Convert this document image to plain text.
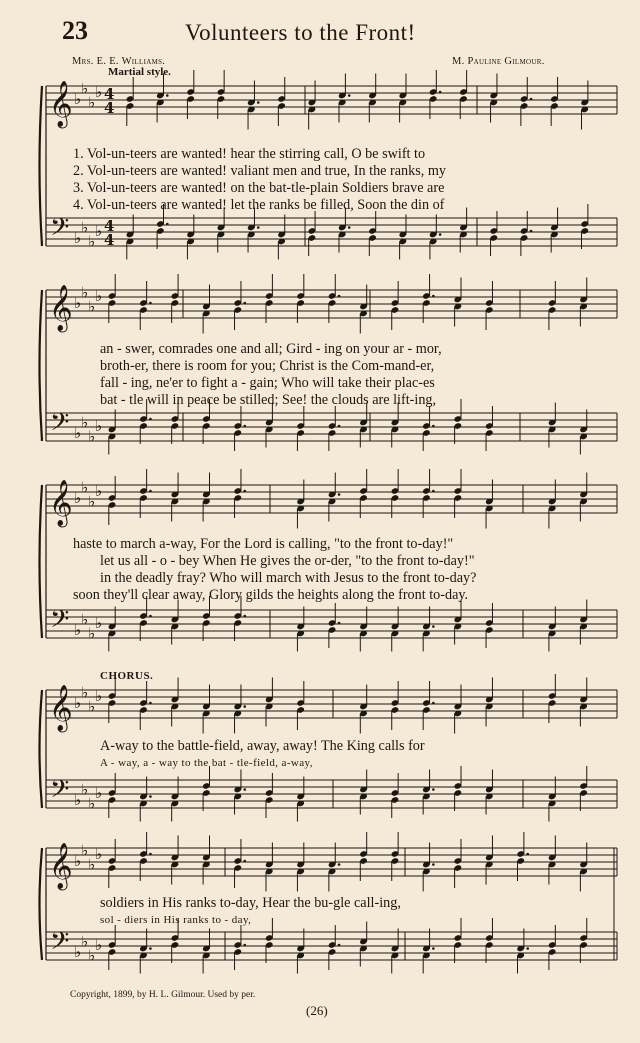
𝄞
𝄢
♭
♭
♭
♭
♭
♭
♭
♭
4
4
4
4
𝄞
𝄢
♭
♭
♭
♭
♭
♭
♭
♭
𝄞
𝄢
♭
♭
♭
♭
♭
♭
♭
♭
𝄞
𝄢
♭
♭
♭
♭
♭
♭
♭
♭
𝄞
𝄢
♭
♭
♭
♭
♭
♭
♭
♭
23	Volunteers to the Front!
Mrs. E. E. Williams.	M. Pauline Gilmour.
Martial style.
1. Vol-un-teers are wanted! hear the stirring call, O be swift to
2. Vol-un-teers are wanted! valiant men and true, In the ranks, my
3. Vol-un-teers are wanted! on the bat-tle-plain Soldiers brave are
4. Vol-un-teers are wanted! let the ranks be filled, Soon the din of
an - swer, comrades one and all; Gird - ing on your ar - mor,
broth-er, there is room for you; Christ is the Com-mand-er,
fall - ing, ne'er to fight a - gain; Who will take their plac-es
bat - tle will in peace be stilled; See! the clouds are lift-ing,
haste to march a-way, For the Lord is calling, "to the front to-day!"
let us all - o - bey When He gives the or-der, "to the front to-day!"
in the deadly fray? Who will march with Jesus to the front to-day?
soon they'll clear away, Glory gilds the heights along the front to-day.
CHORUS.
A-way to the battle-field, away, away! The King calls for
A - way, a - way to the bat - tle-field, a-way,
soldiers in His ranks to-day, Hear the bu-gle call-ing,
sol - diers in His ranks to - day,
Copyright, 1899, by H. L. Gilmour. Used by per.
(26)
